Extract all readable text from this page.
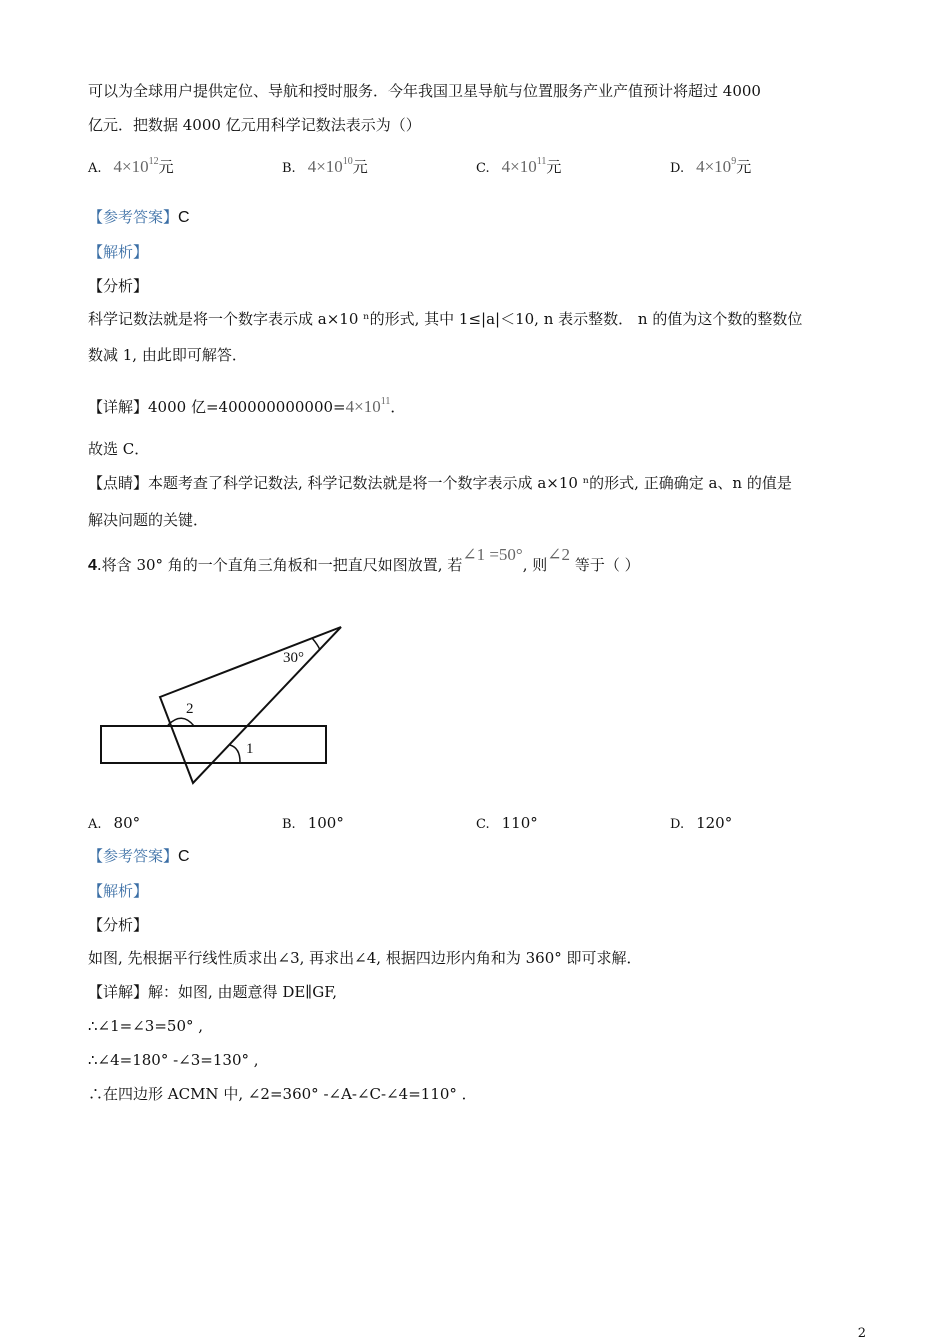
可以为全球用户提供定位、导航和授时服务．今年我国卫星导航与位置服务产业产值预计将超过 4000
亿元．把数据 4000 亿元用科学记数法表示为（）
A. $4\times 10^{12}$元	B. $4\times 10^{10}$元	C. $4\times 10^{11}$元	D. $4\times 10^9$元
【参考答案】C
【解析】
【分析】
科学记数法就是将一个数字表示成 a×10 ⁿ的形式, 其中 1≤|a|＜10, n 表示整数． n 的值为这个数的整数位
数减 1, 由此即可解答．
【详解】4000 亿$=400000000000=4\times 10^{11}$．
故选 C．
【点睛】本题考查了科学记数法, 科学记数法就是将一个数字表示成 a×10 ⁿ的形式, 正确确定 a、n 的值是
解决问题的关键．
4.将含 30° 角的一个直角三角板和一把直尺如图放置, 若∠1 =50°, 则∠2 等于（ ）
30°
2
1
A. 80°	B. 100°	C. 110°	D. 120°
【参考答案】C
【解析】
【分析】
如图, 先根据平行线性质求出∠3, 再求出∠4, 根据四边形内角和为 360° 即可求解．
【详解】解：如图, 由题意得 DE∥GF,
∴∠1=∠3=50° ,
∴∠4=180° -∠3=130° ,
∴在四边形 ACMN 中, ∠2=360° -∠A-∠C-∠4=110° ．
2
